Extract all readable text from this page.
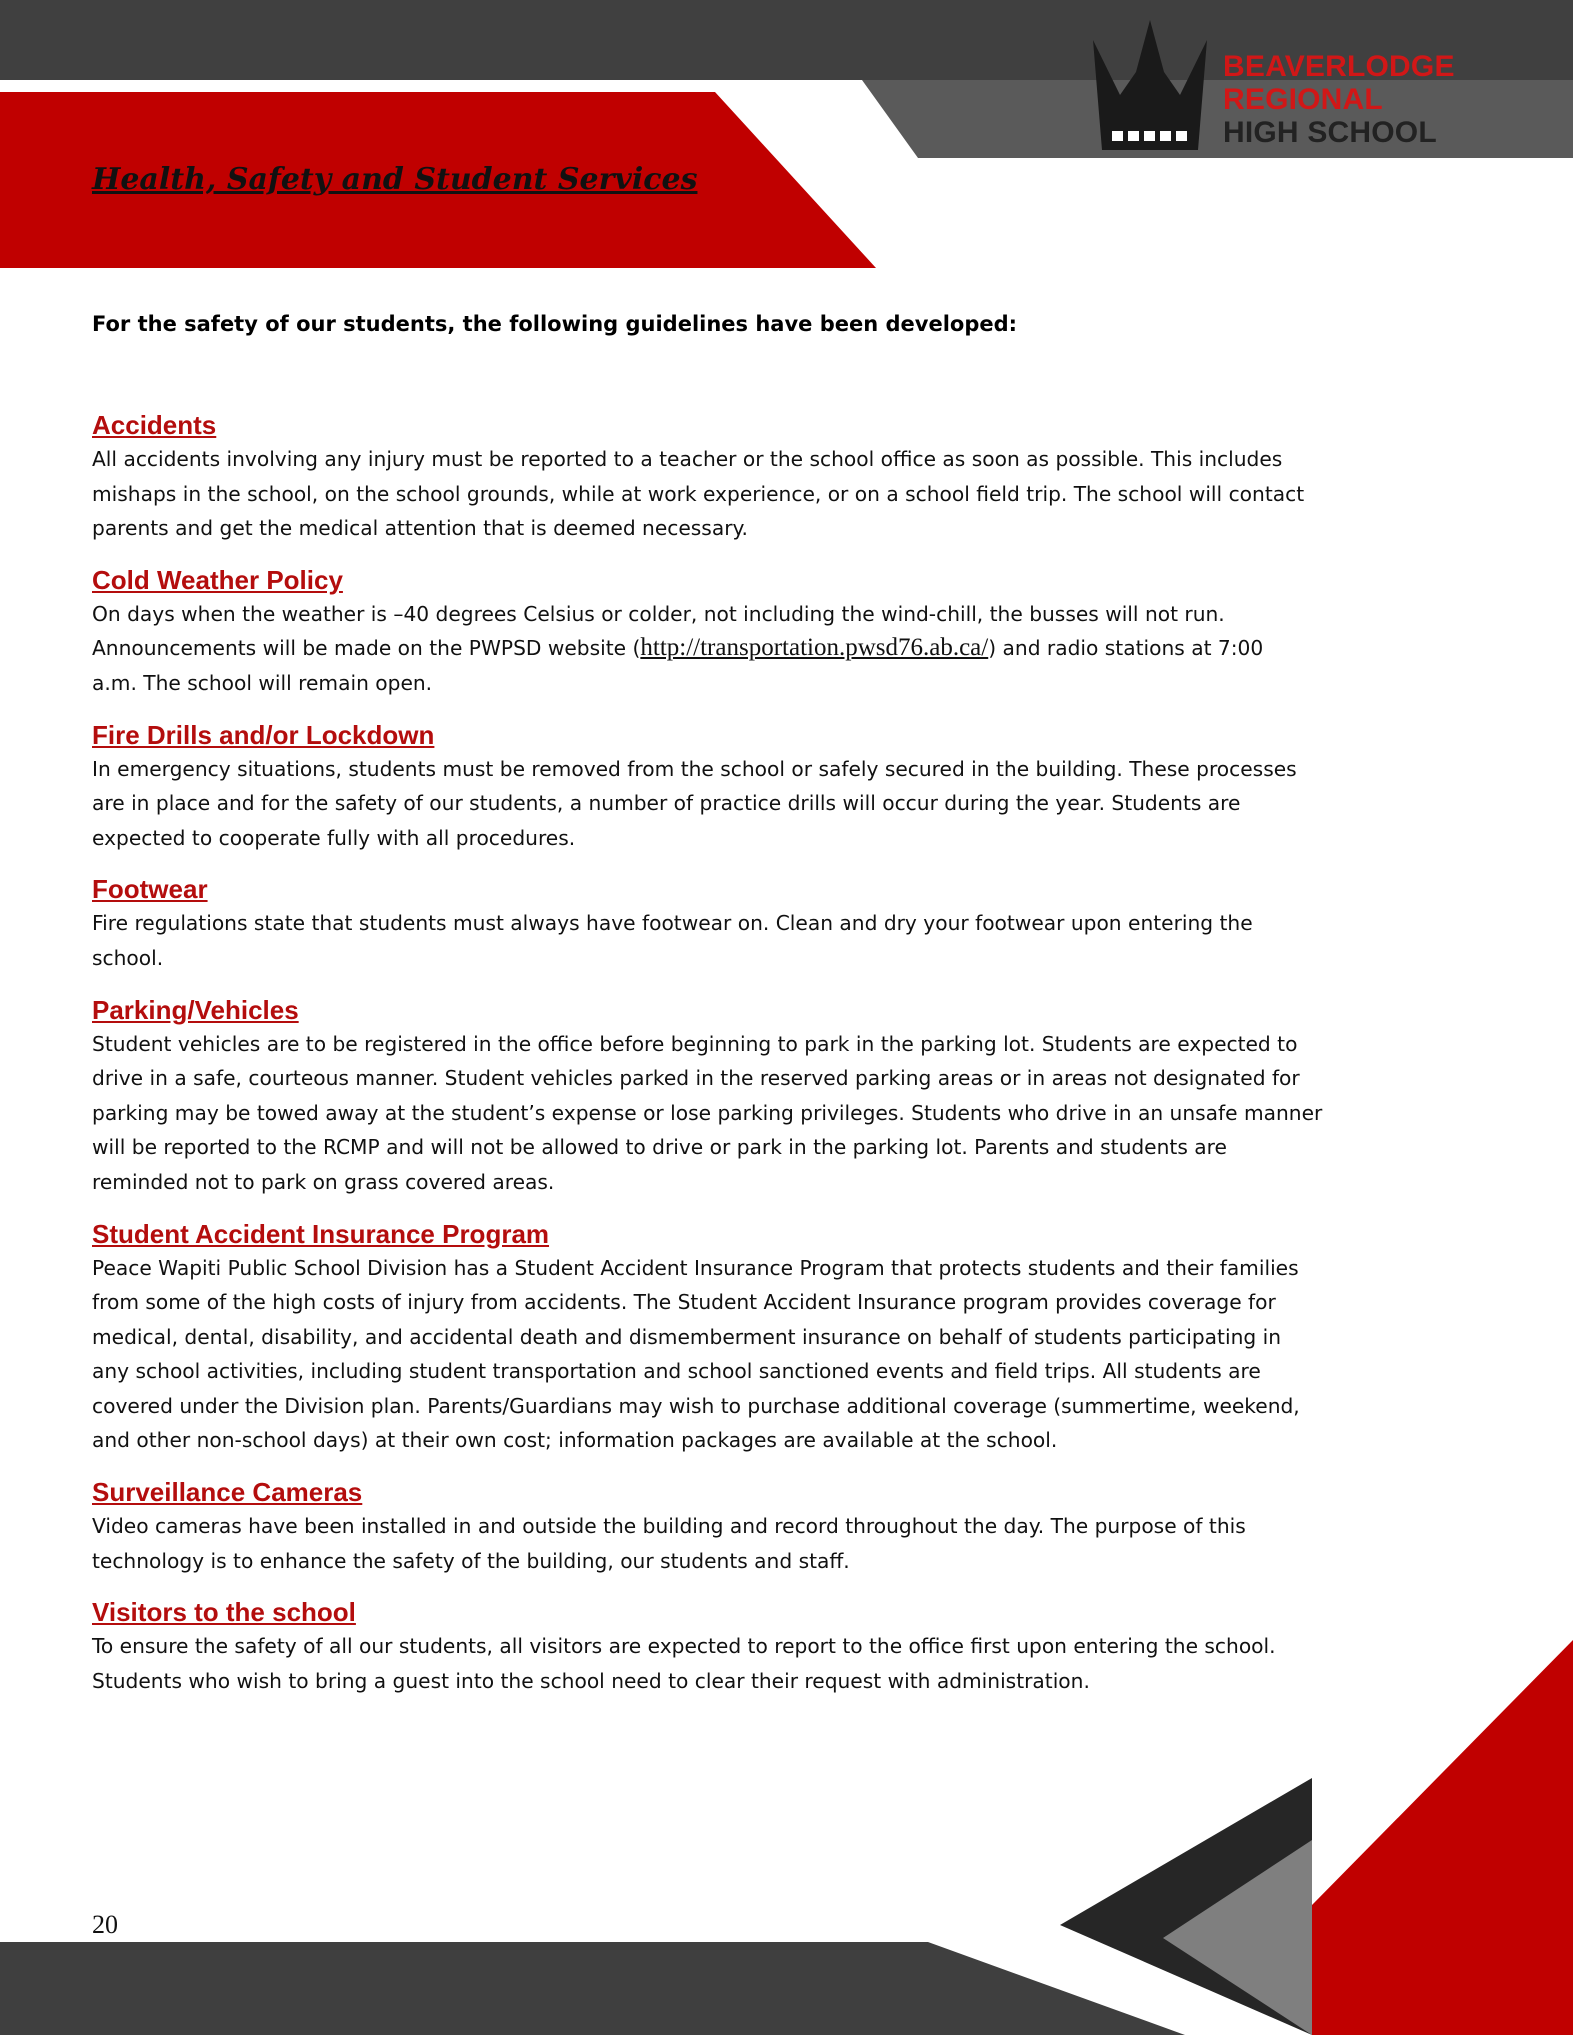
BEAVERLODGE
REGIONAL
HIGH SCHOOL
Health, Safety and Student Services

For the safety of our students, the following guidelines have been developed:

Accidents
All accidents involving any injury must be reported to a teacher or the school office as soon as possible. This includes
mishaps in the school, on the school grounds, while at work experience, or on a school field trip. The school will contact
parents and get the medical attention that is deemed necessary.
Cold Weather Policy
On days when the weather is –40 degrees Celsius or colder, not including the wind-chill, the busses will not run.
Announcements will be made on the PWPSD website (http://transportation.pwsd76.ab.ca/) and radio stations at 7:00
a.m. The school will remain open.
Fire Drills and/or Lockdown
In emergency situations, students must be removed from the school or safely secured in the building. These processes
are in place and for the safety of our students, a number of practice drills will occur during the year. Students are
expected to cooperate fully with all procedures.
Footwear
Fire regulations state that students must always have footwear on. Clean and dry your footwear upon entering the
school.
Parking/Vehicles
Student vehicles are to be registered in the office before beginning to park in the parking lot. Students are expected to
drive in a safe, courteous manner. Student vehicles parked in the reserved parking areas or in areas not designated for
parking may be towed away at the student’s expense or lose parking privileges. Students who drive in an unsafe manner
will be reported to the RCMP and will not be allowed to drive or park in the parking lot. Parents and students are
reminded not to park on grass covered areas.
Student Accident Insurance Program
Peace Wapiti Public School Division has a Student Accident Insurance Program that protects students and their families
from some of the high costs of injury from accidents. The Student Accident Insurance program provides coverage for
medical, dental, disability, and accidental death and dismemberment insurance on behalf of students participating in
any school activities, including student transportation and school sanctioned events and field trips. All students are
covered under the Division plan. Parents/Guardians may wish to purchase additional coverage (summertime, weekend,
and other non-school days) at their own cost; information packages are available at the school.
Surveillance Cameras
Video cameras have been installed in and outside the building and record throughout the day. The purpose of this
technology is to enhance the safety of the building, our students and staff.
Visitors to the school
To ensure the safety of all our students, all visitors are expected to report to the office first upon entering the school.
Students who wish to bring a guest into the school need to clear their request with administration.
20
